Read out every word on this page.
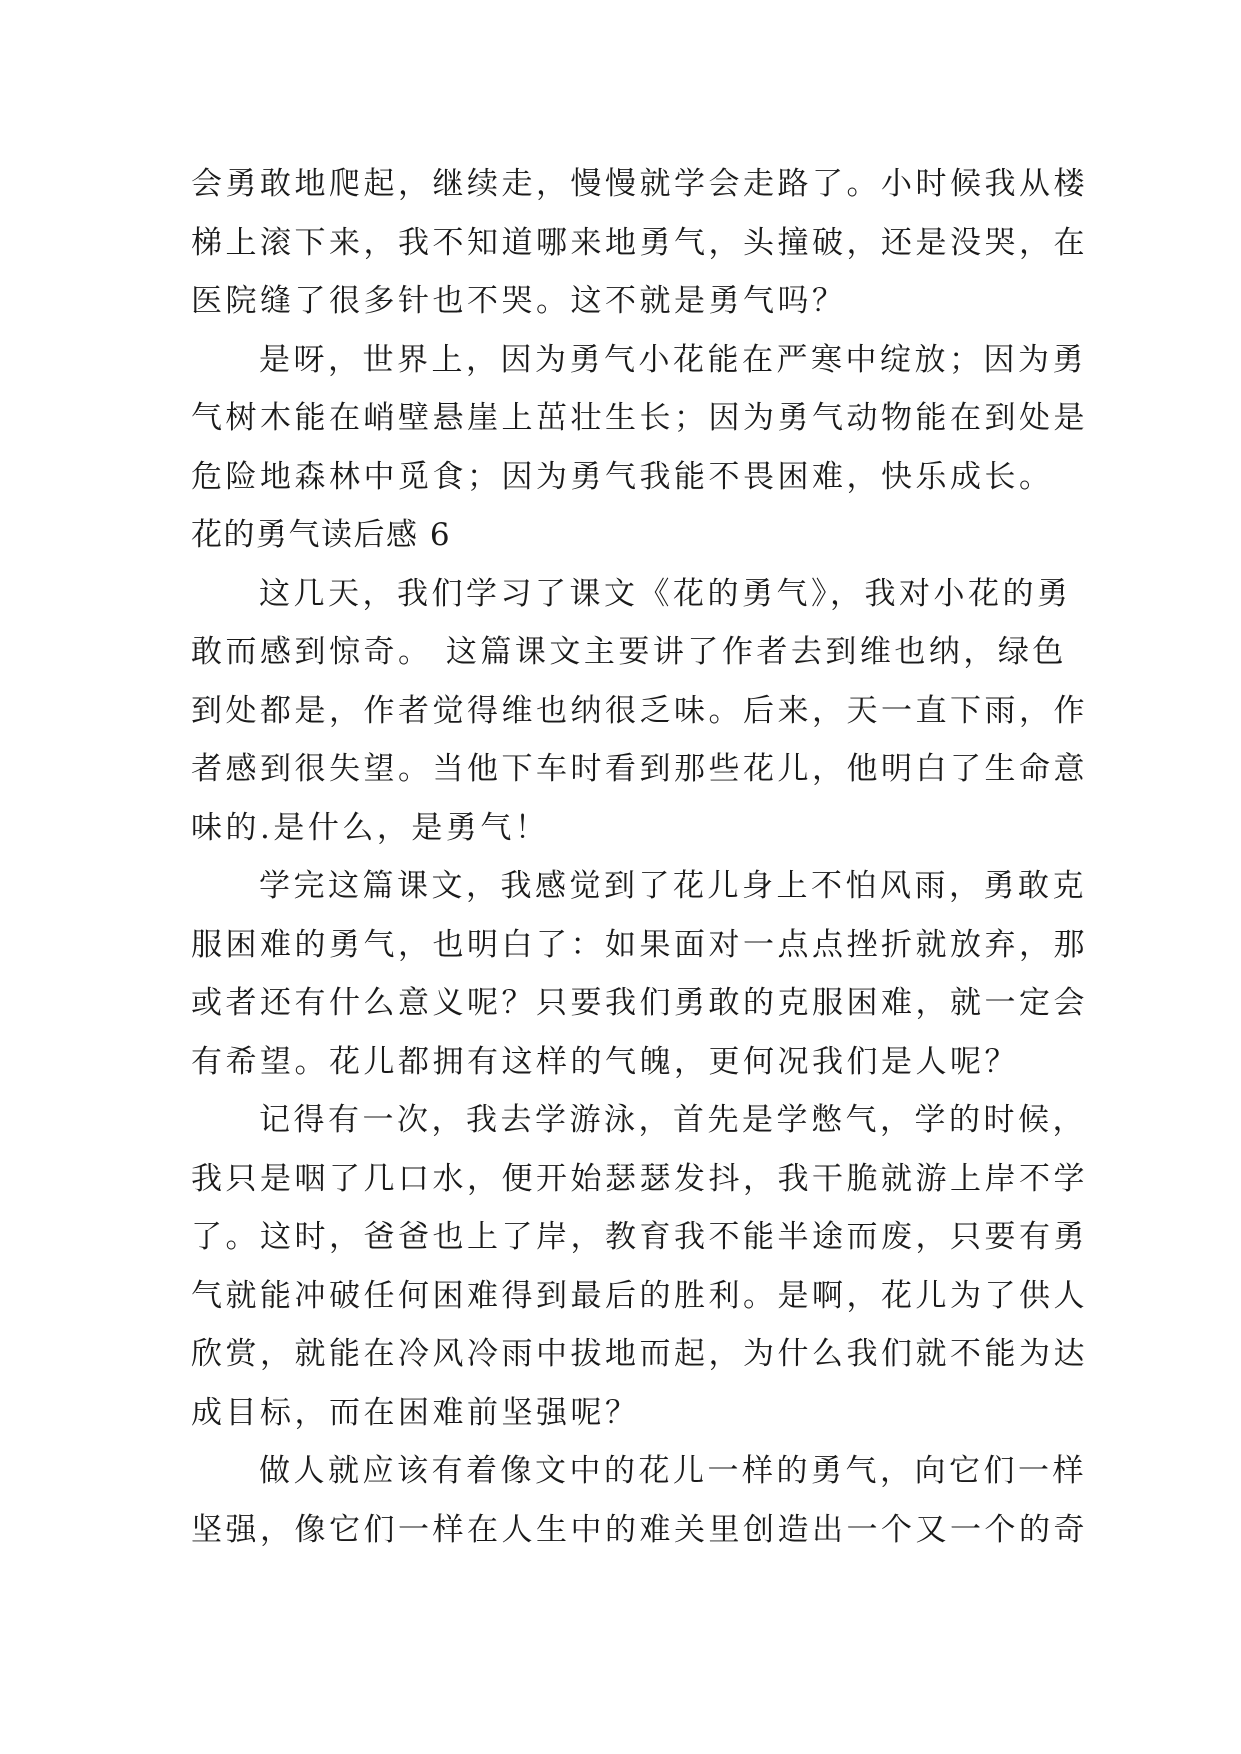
会勇敢地爬起，继续走，慢慢就学会走路了。小时候我从楼
梯上滚下来，我不知道哪来地勇气，头撞破，还是没哭，在
医院缝了很多针也不哭。这不就是勇气吗？
是呀，世界上，因为勇气小花能在严寒中绽放；因为勇
气树木能在峭壁悬崖上茁壮生长；因为勇气动物能在到处是
危险地森林中觅食；因为勇气我能不畏困难，快乐成长。
花的勇气读后感 6
这几天，我们学习了课文《花的勇气》，我对小花的勇
敢而感到惊奇。 这篇课文主要讲了作者去到维也纳，绿色
到处都是，作者觉得维也纳很乏味。后来，天一直下雨，作
者感到很失望。当他下车时看到那些花儿，他明白了生命意
味的.是什么，是勇气！
学完这篇课文，我感觉到了花儿身上不怕风雨，勇敢克
服困难的勇气，也明白了：如果面对一点点挫折就放弃，那
或者还有什么意义呢？只要我们勇敢的克服困难，就一定会
有希望。花儿都拥有这样的气魄，更何况我们是人呢？
记得有一次，我去学游泳，首先是学憋气，学的时候，
我只是咽了几口水，便开始瑟瑟发抖，我干脆就游上岸不学
了。这时，爸爸也上了岸，教育我不能半途而废，只要有勇
气就能冲破任何困难得到最后的胜利。是啊，花儿为了供人
欣赏，就能在冷风冷雨中拔地而起，为什么我们就不能为达
成目标，而在困难前坚强呢？
做人就应该有着像文中的花儿一样的勇气，向它们一样
坚强，像它们一样在人生中的难关里创造出一个又一个的奇
